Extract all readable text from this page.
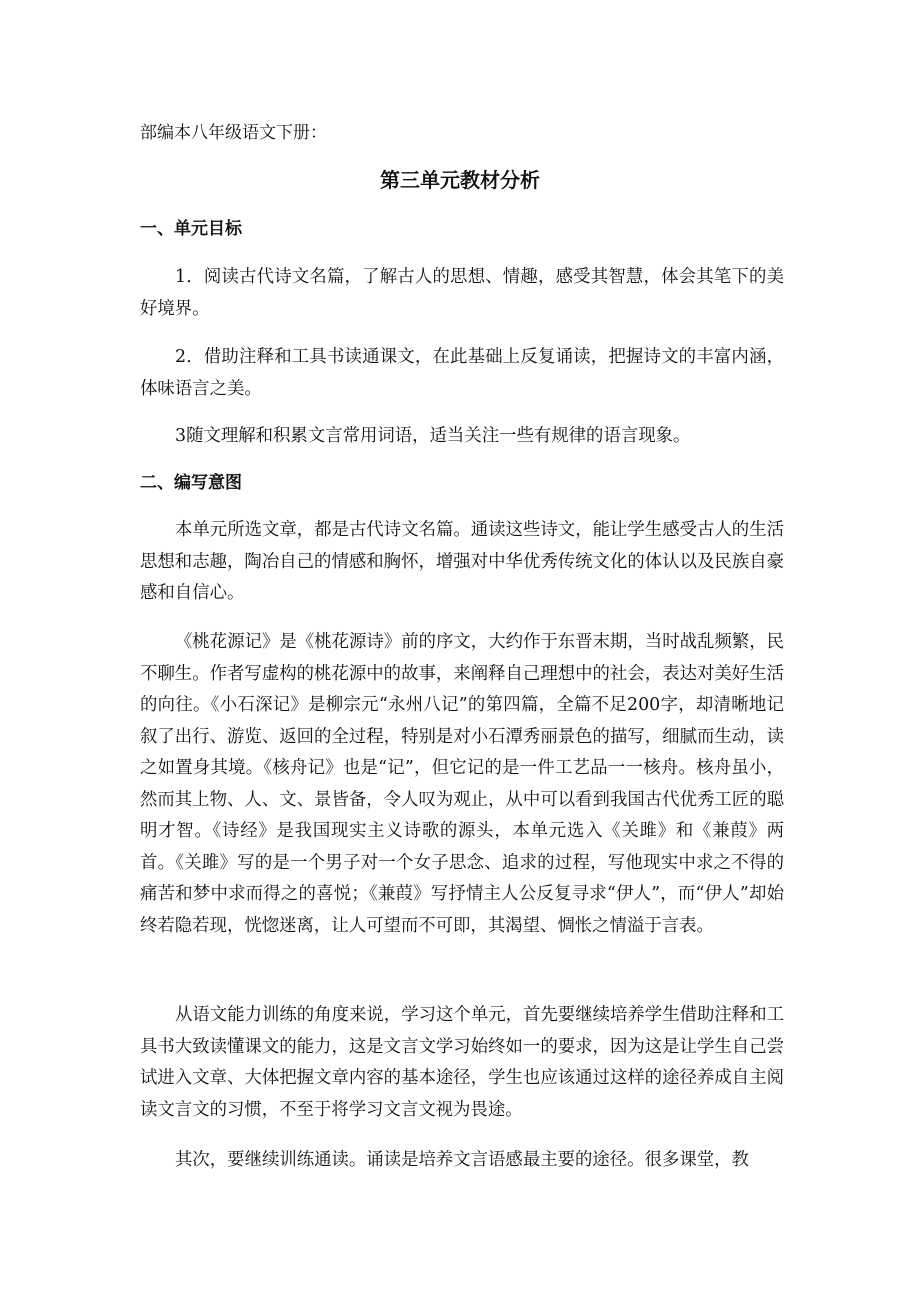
部编本八年级语文下册：
第三单元教材分析
一、单元目标

1．阅读古代诗文名篇，了解古人的思想、情趣，感受其智慧，体会其笔下的美好境界。

2．借助注释和工具书读通课文，在此基础上反复诵读，把握诗文的丰富内涵，体味语言之美。

3随文理解和积累文言常用词语，适当关注一些有规律的语言现象。

二、编写意图

本单元所选文章，都是古代诗文名篇。通读这些诗文，能让学生感受古人的生活思想和志趣，陶冶自己的情感和胸怀，增强对中华优秀传统文化的体认以及民族自豪感和自信心。

《桃花源记》是《桃花源诗》前的序文，大约作于东晋末期，当时战乱频繁，民不聊生。作者写虚构的桃花源中的故事，来阐释自己理想中的社会，表达对美好生活的向往。《小石深记》是柳宗元“永州八记”的第四篇，全篇不足200字，却清晰地记叙了出行、游览、返回的全过程，特别是对小石潭秀丽景色的描写，细腻而生动，读之如置身其境。《核舟记》也是“记”，但它记的是一件工艺品一一核舟。核舟虽小，然而其上物、人、文、景皆备，令人叹为观止，从中可以看到我国古代优秀工匠的聪明才智。《诗经》是我国现实主义诗歌的源头，本单元选入《关雎》和《兼葭》两首。《关雎》写的是一个男子对一个女子思念、追求的过程，写他现实中求之不得的痛苦和梦中求而得之的喜悦；《兼葭》写抒情主人公反复寻求“伊人”，而“伊人”却始终若隐若现，恍惚迷离，让人可望而不可即，其渴望、惆怅之情溢于言表。

从语文能力训练的角度来说，学习这个单元，首先要继续培养学生借助注释和工具书大致读懂课文的能力，这是文言文学习始终如一的要求，因为这是让学生自己尝试进入文章、大体把握文章内容的基本途径，学生也应该通过这样的途径养成自主阅读文言文的习惯，不至于将学习文言文视为畏途。

其次，要继续训练通读。诵读是培养文言语感最主要的途径。很多课堂，教
